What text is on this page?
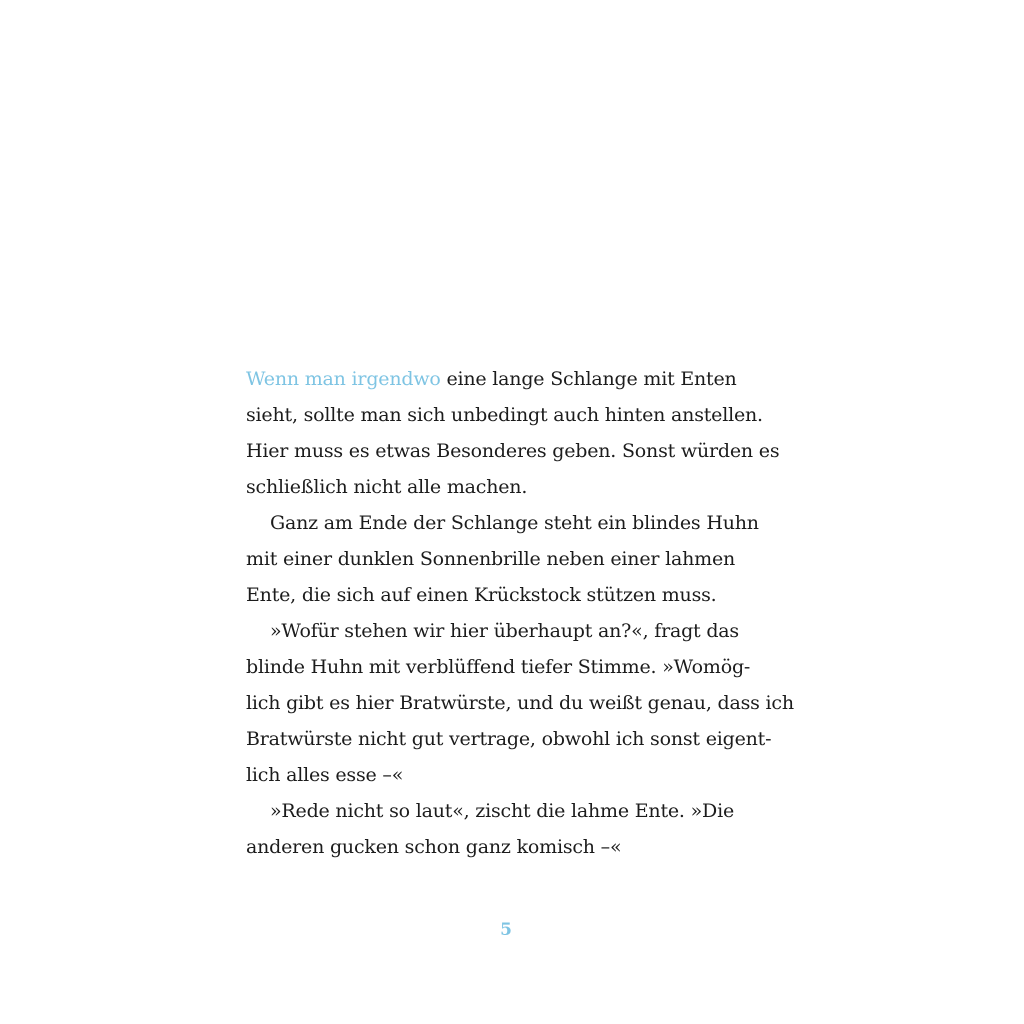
Wenn man irgendwo eine lange Schlange mit Enten
sieht, sollte man sich unbedingt auch hinten anstellen.
Hier muss es etwas Besonderes geben. Sonst würden es
schließlich nicht alle machen.
Ganz am Ende der Schlange steht ein blindes Huhn
mit einer dunklen Sonnenbrille neben einer lahmen
Ente, die sich auf einen Krückstock stützen muss.
»Wofür stehen wir hier überhaupt an?«, fragt das
blinde Huhn mit verblüffend tiefer Stimme. »Womög-
lich gibt es hier Bratwürste, und du weißt genau, dass ich
Bratwürste nicht gut vertrage, obwohl ich sonst eigent-
lich alles esse –«
»Rede nicht so laut«, zischt die lahme Ente. »Die
anderen gucken schon ganz komisch –«
5
